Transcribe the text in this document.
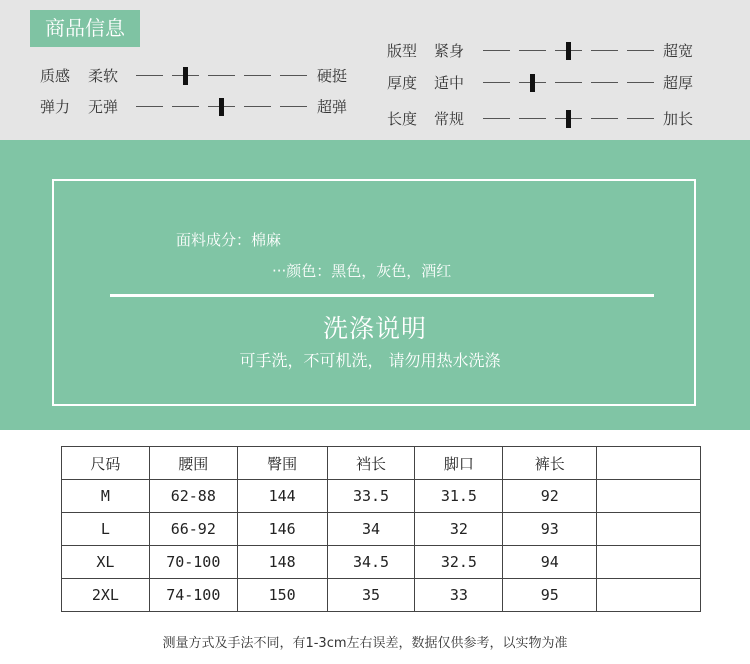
商品信息
质感 柔软	硬挺
弹力 无弹	超弹
版型 紧身	超宽
厚度 适中	超厚
长度 常规	加长
面料成分：棉麻
···颜色：黑色，灰色，酒红
洗涤说明
可手洗，不可机洗， 请勿用热水洗涤
尺码	腰围	臀围	裆长	脚口	裤长	
M	62-88	144	33.5	31.5	92	
L	66-92	146	34	32	93	
XL	70-100	148	34.5	32.5	94	
2XL	74-100	150	35	33	95	
测量方式及手法不同，有1-3cm左右误差，数据仅供参考，以实物为准
